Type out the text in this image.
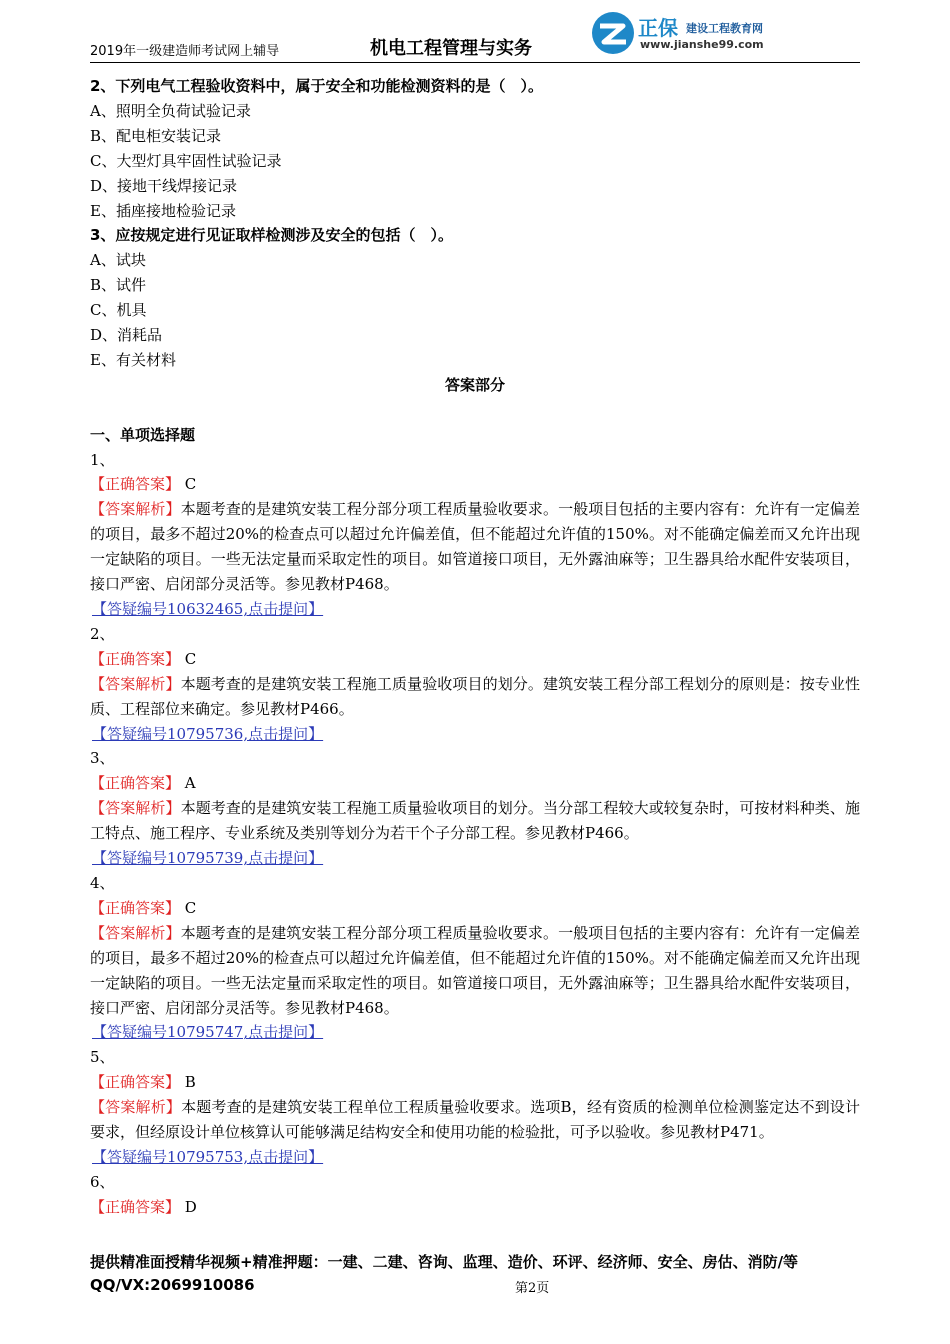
2019年一级建造师考试网上辅导	机电工程管理与实务
正保 建设工程教育网
www.jianshe99.com

2、下列电气工程验收资料中，属于安全和功能检测资料的是（　）。

A、照明全负荷试验记录

B、配电柜安装记录

C、大型灯具牢固性试验记录

D、接地干线焊接记录

E、插座接地检验记录

3、应按规定进行见证取样检测涉及安全的包括（　）。

A、试块

B、试件

C、机具

D、消耗品

E、有关材料

答案部分

一、单项选择题

1、

【正确答案】 C

【答案解析】本题考查的是建筑安装工程分部分项工程质量验收要求。一般项目包括的主要内容有：允许有一定偏差的项目，最多不超过20%的检查点可以超过允许偏差值，但不能超过允许值的150%。对不能确定偏差而又允许出现一定缺陷的项目。一些无法定量而采取定性的项目。如管道接口项目，无外露油麻等；卫生器具给水配件安装项目，接口严密、启闭部分灵活等。参见教材P468。

【答疑编号10632465,点击提问】

2、

【正确答案】 C

【答案解析】本题考查的是建筑安装工程施工质量验收项目的划分。建筑安装工程分部工程划分的原则是：按专业性质、工程部位来确定。参见教材P466。

【答疑编号10795736,点击提问】

3、

【正确答案】 A

【答案解析】本题考查的是建筑安装工程施工质量验收项目的划分。当分部工程较大或较复杂时，可按材料种类、施工特点、施工程序、专业系统及类别等划分为若干个子分部工程。参见教材P466。

【答疑编号10795739,点击提问】

4、

【正确答案】 C

【答案解析】本题考查的是建筑安装工程分部分项工程质量验收要求。一般项目包括的主要内容有：允许有一定偏差的项目，最多不超过20%的检查点可以超过允许偏差值，但不能超过允许值的150%。对不能确定偏差而又允许出现一定缺陷的项目。一些无法定量而采取定性的项目。如管道接口项目，无外露油麻等；卫生器具给水配件安装项目，接口严密、启闭部分灵活等。参见教材P468。

【答疑编号10795747,点击提问】

5、

【正确答案】 B

【答案解析】本题考查的是建筑安装工程单位工程质量验收要求。选项B，经有资质的检测单位检测鉴定达不到设计要求，但经原设计单位核算认可能够满足结构安全和使用功能的检验批，可予以验收。参见教材P471。

【答疑编号10795753,点击提问】

6、

【正确答案】 D

提供精准面授精华视频+精准押题：一建、二建、咨询、监理、造价、环评、经济师、安全、房估、消防/等
QQ/VX:2069910086	第2页
